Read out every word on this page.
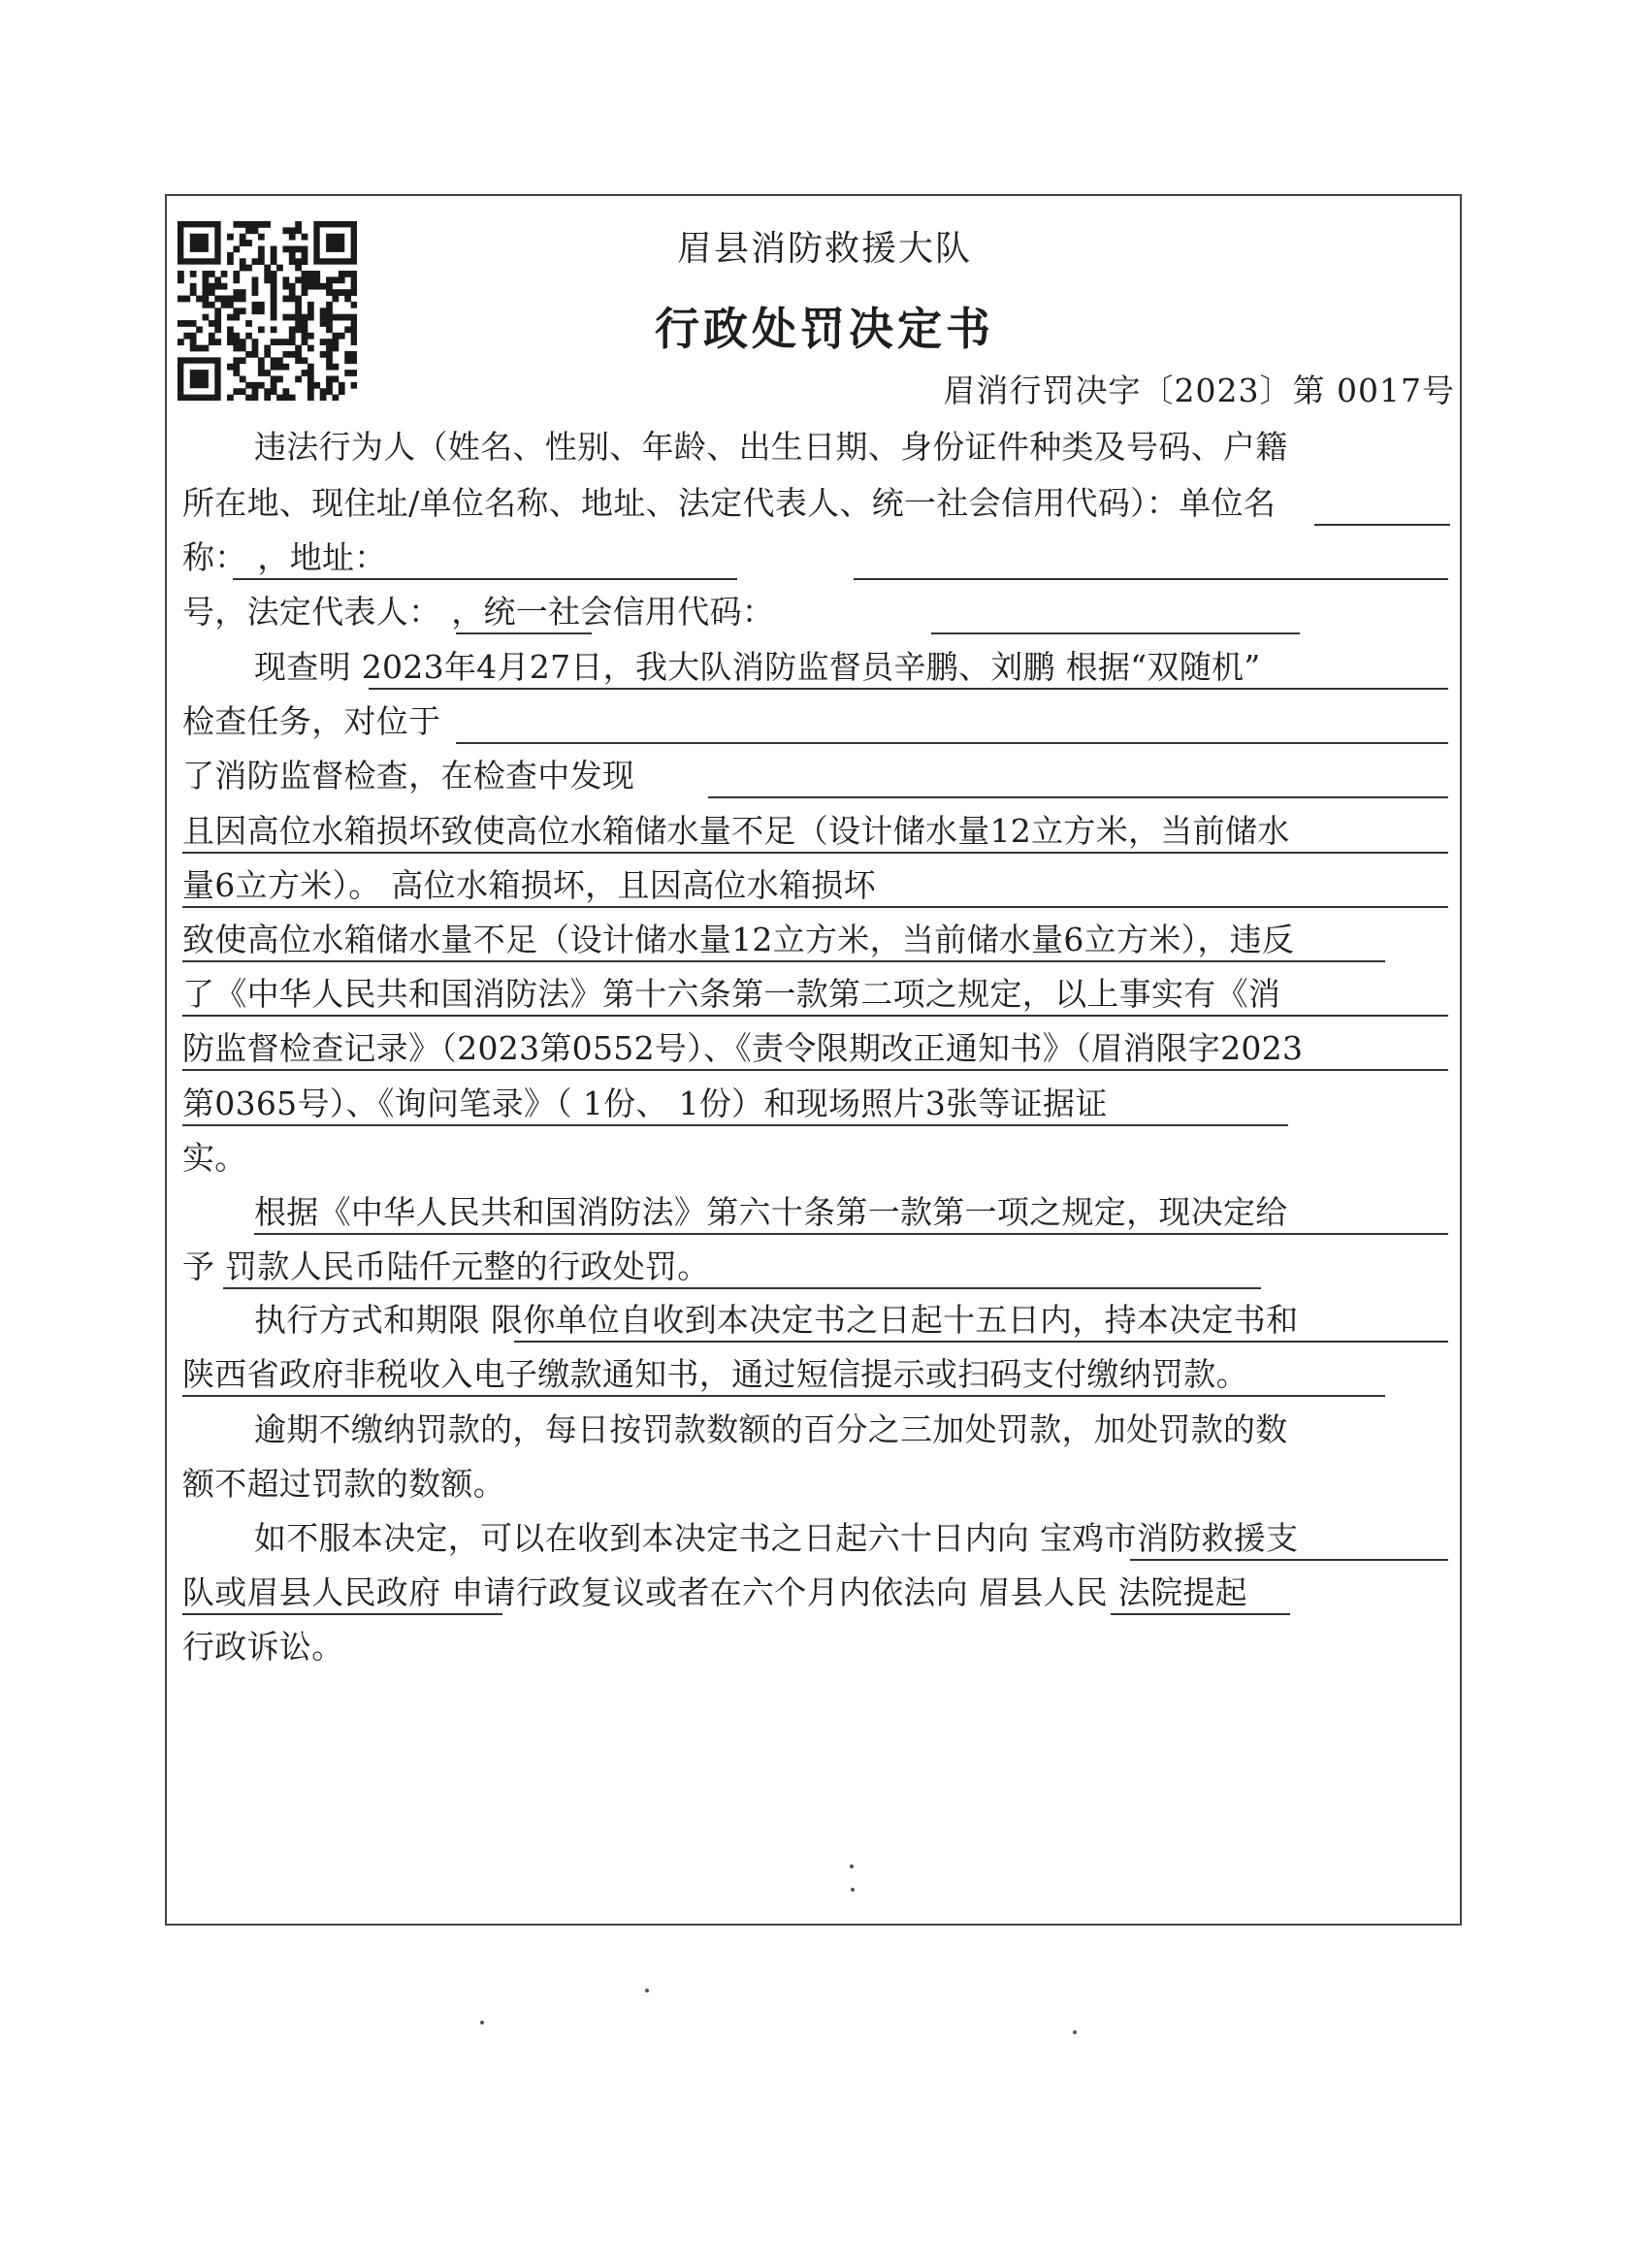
眉县消防救援大队
行政处罚决定书
眉消行罚决字〔2023〕第 0017号
违法行为人（姓名、性别、年龄、出生日期、身份证件种类及号码、户籍
所在地、现住址/单位名称、地址、法定代表人、统一社会信用代码）：单位名
称： ，地址：
号，法定代表人： ，统一社会信用代码：
现查明 2023年4月27日，我大队消防监督员辛鹏、刘鹏 根据“双随机”
检查任务，对位于
了消防监督检查，在检查中发现
且因高位水箱损坏致使高位水箱储水量不足（设计储水量12立方米，当前储水
量6立方米）。 高位水箱损坏，且因高位水箱损坏
致使高位水箱储水量不足（设计储水量12立方米，当前储水量6立方米），违反
了《中华人民共和国消防法》第十六条第一款第二项之规定，以上事实有《消
防监督检查记录》（2023第0552号）、《责令限期改正通知书》（眉消限字2023
第0365号）、《询问笔录》（ 1份、 1份）和现场照片3张等证据证
实。
根据《中华人民共和国消防法》第六十条第一款第一项之规定，现决定给
予 罚款人民币陆仟元整的行政处罚。
执行方式和期限 限你单位自收到本决定书之日起十五日内，持本决定书和
陕西省政府非税收入电子缴款通知书，通过短信提示或扫码支付缴纳罚款。
逾期不缴纳罚款的，每日按罚款数额的百分之三加处罚款，加处罚款的数
额不超过罚款的数额。
如不服本决定，可以在收到本决定书之日起六十日内向 宝鸡市消防救援支
队或眉县人民政府 申请行政复议或者在六个月内依法向 眉县人民 法院提起
行政诉讼。
